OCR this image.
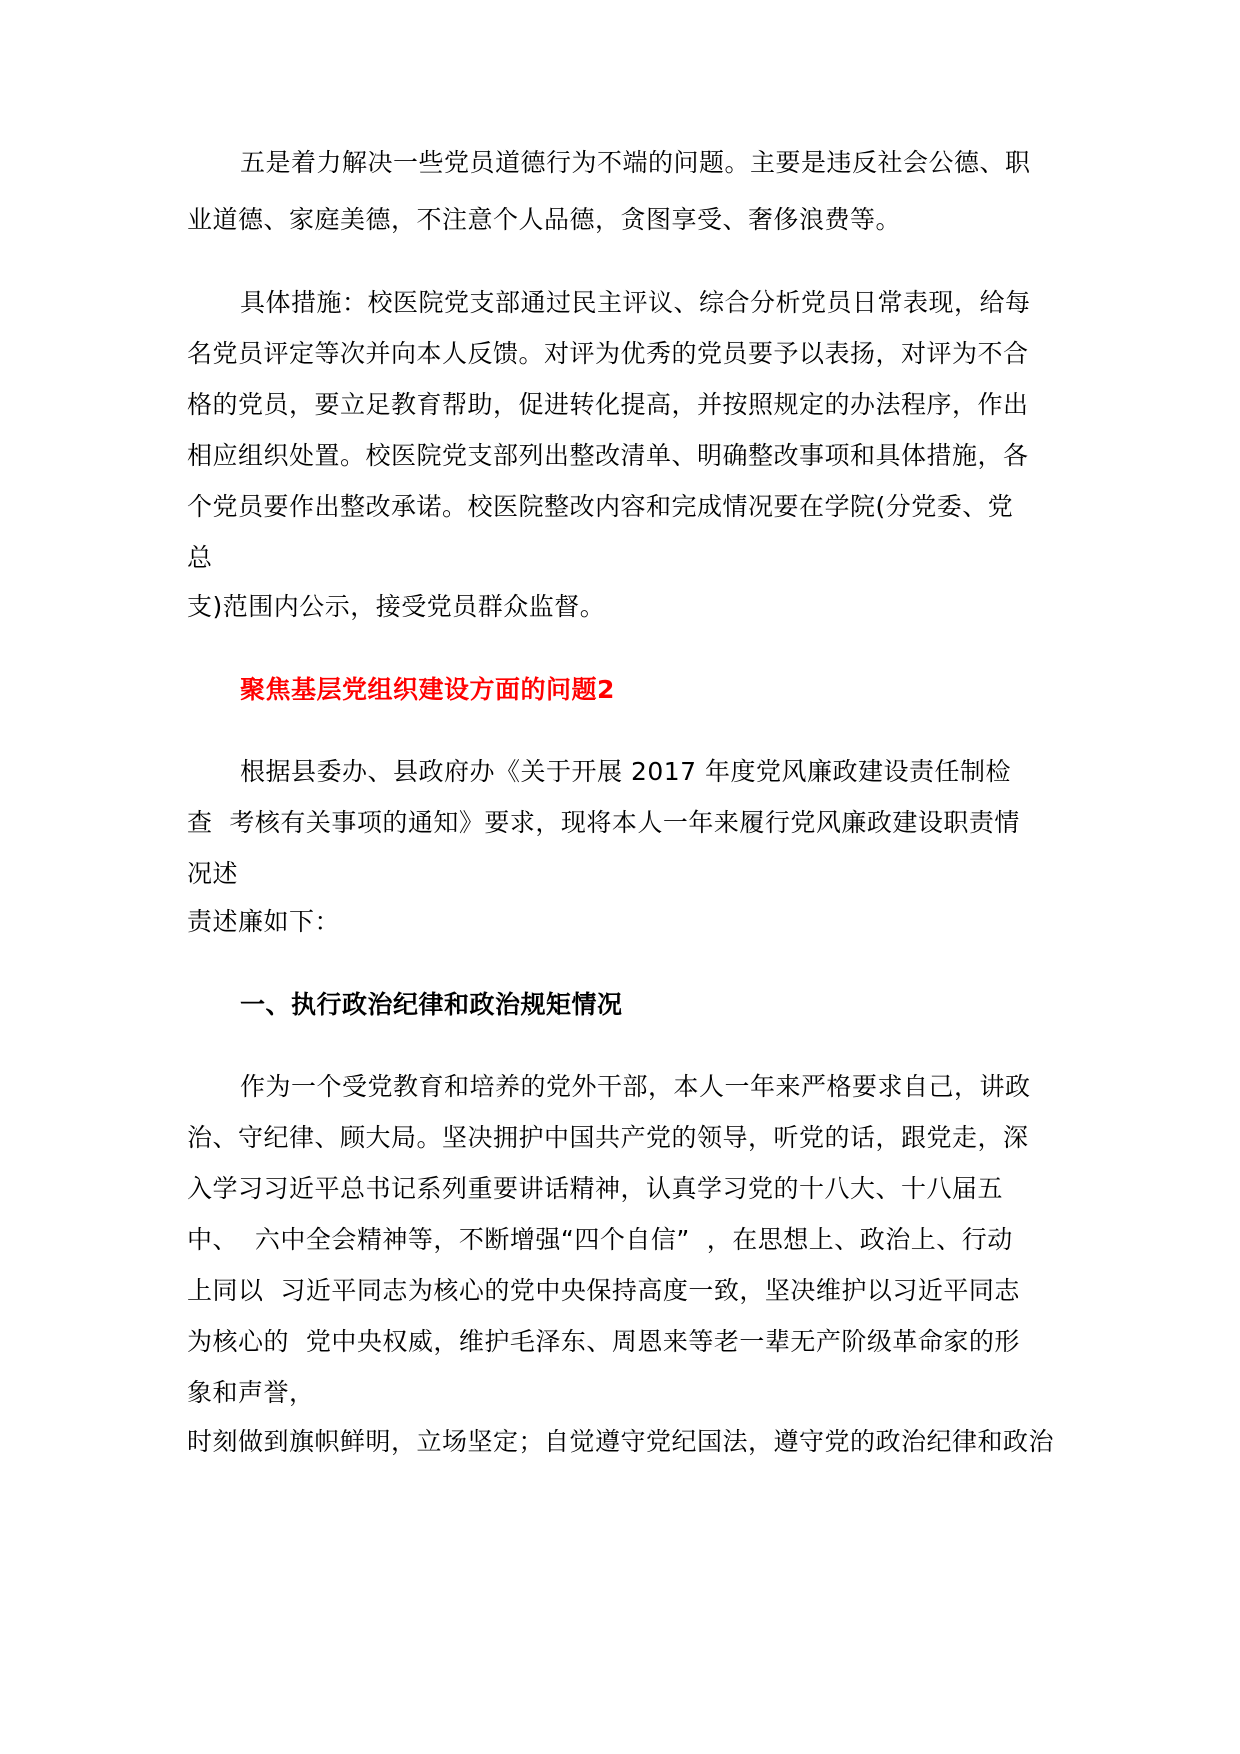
五是着力解决一些党员道德行为不端的问题。主要是违反社会公德、职
业道德、家庭美德，不注意个人品德，贪图享受、奢侈浪费等。
具体措施：校医院党支部通过民主评议、综合分析党员日常表现，给每
名党员评定等次并向本人反馈。对评为优秀的党员要予以表扬，对评为不合
格的党员，要立足教育帮助，促进转化提高，并按照规定的办法程序，作出
相应组织处置。校医院党支部列出整改清单、明确整改事项和具体措施，各
个党员要作出整改承诺。校医院整改内容和完成情况要在学院(分党委、党
总
支)范围内公示，接受党员群众监督。
聚焦基层党组织建设方面的问题2
根据县委办、县政府办《关于开展 2017 年度党风廉政建设责任制检
查  考核有关事项的通知》要求，现将本人一年来履行党风廉政建设职责情
况述
责述廉如下：
一、执行政治纪律和政治规矩情况
作为一个受党教育和培养的党外干部，本人一年来严格要求自己，讲政
治、守纪律、顾大局。坚决拥护中国共产党的领导，听党的话，跟党走，深
入学习习近平总书记系列重要讲话精神，认真学习党的十八大、十八届五
中、  六中全会精神等，不断增强“四个自信”  ，在思想上、政治上、行动
上同以  习近平同志为核心的党中央保持高度一致，坚决维护以习近平同志
为核心的  党中央权威，维护毛泽东、周恩来等老一辈无产阶级革命家的形
象和声誉，
时刻做到旗帜鲜明，立场坚定；自觉遵守党纪国法，遵守党的政治纪律和政治
